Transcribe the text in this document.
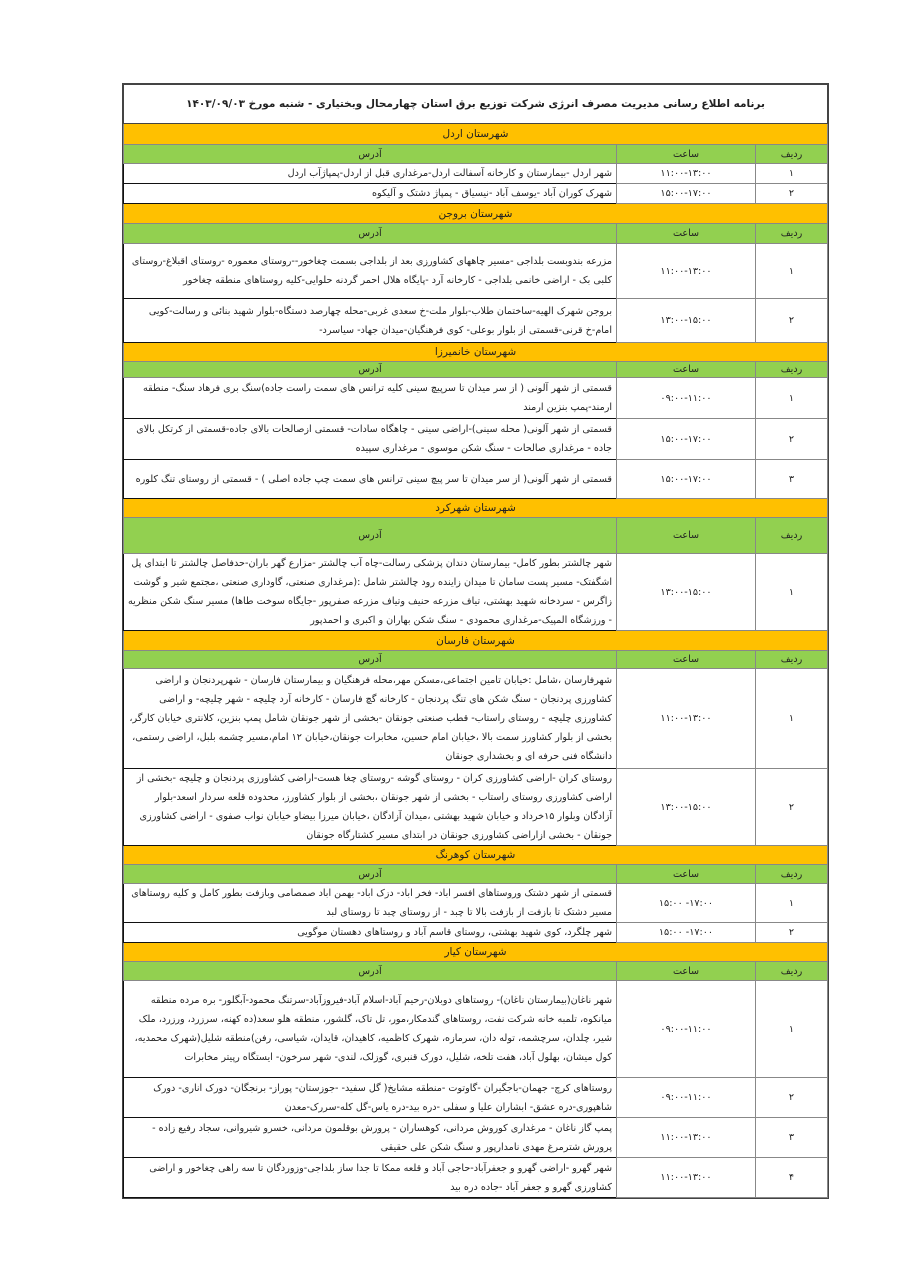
برنامه اطلاع رسانی مدیریت مصرف انرژی شرکت توزیع برق استان چهارمحال وبختیاری - شنبه مورخ ۱۴۰۳/۰۹/۰۳		
شهرستان اردل		
ردیف	ساعت	آدرس
۱	۱۱:۰۰-۱۳:۰۰	شهر اردل -بیمارستان و کارخانه آسفالت اردل-مرغداری قبل از اردل-پمپاژآب اردل
۲	۱۵:۰۰-۱۷:۰۰	شهرک کوران آباد -یوسف آباد -نیسیاق - پمپاژ دشتک و آلیکوه
شهرستان بروجن		
ردیف	ساعت	آدرس
۱	۱۱:۰۰-۱۳:۰۰	مزرعه بندوبست بلداجی -مسیر چاههای کشاورزی بعد از بلداجی بسمت چغاخور--روستای معموره -روستای اقبلاغ-روستای کلبی بک - اراضی خانمی بلداجی - کارخانه آرد -پایگاه هلال احمر گردنه حلوایی-کلیه روستاهای منطقه چغاخور
۲	۱۳:۰۰-۱۵:۰۰	بروجن شهرک الهیه-ساختمان طلاب-بلوار ملت-خ سعدی غربی-محله چهارصد دستگاه-بلوار شهید بنائی و رسالت-کویی امام-خ قرنی-قسمتی از بلوار بوعلی- کوی فرهنگیان-میدان جهاد- سیاسرد-
شهرستان خانمیرزا		
ردیف	ساعت	آدرس
۱	۰۹:۰۰-۱۱:۰۰	قسمتی از شهر آلونی ( از سر میدان تا سرپیچ سینی کلیه ترانس های سمت راست جاده)سنگ بری فرهاد سنگ- منطقه ارمند-پمپ بنزین ارمند
۲	۱۵:۰۰-۱۷:۰۰	قسمتی از شهر آلونی( محله سینی)-اراضی سینی - چاهگاه سادات- قسمتی ازصالحات بالای جاده-قسمتی از کرتکل بالای جاده - مرغداری صالحات - سنگ شکن موسوی - مرغداری سپیده
۳	۱۵:۰۰-۱۷:۰۰	قسمتی از شهر آلونی( از سر میدان تا سر پیچ سینی ترانس های سمت چپ جاده اصلی ) - قسمتی از روستای تنگ کلوره
شهرستان شهرکرد		
ردیف	ساعت	آدرس
۱	۱۳:۰۰-۱۵:۰۰	شهر چالشتر بطور کامل- بیمارستان دندان پزشکی رسالت-چاه آب چالشتر -مزارع گهر باران-حدفاصل چالشتر تا ابتدای پل اشگفتک- مسیر پست سامان تا میدان زاینده رود چالشتر شامل :(مرغداری صنعتی، گاوداری صنعتی ،مجتمع شیر و گوشت زاگرس - سردخانه شهید بهشتی، تیاف مزرعه حنیف وتیاف مزرعه صفرپور -جایگاه سوخت طاها) مسیر سنگ شکن منظریه - ورزشگاه المپیک-مرغداری محمودی - سنگ شکن بهاران و اکبری و احمدپور
شهرستان فارسان		
ردیف	ساعت	آدرس
۱	۱۱:۰۰-۱۳:۰۰	شهرفارسان ،شامل :خیابان تامین اجتماعی،مسکن مهر،محله فرهنگیان و بیمارستان فارسان - شهرپردنجان و اراضی کشاورزی پردنجان - سنگ شکن های تنگ پردنجان - کارخانه گچ فارسان - کارخانه آرد چلیچه - شهر چلیچه- و اراضی کشاورزی چلیچه - روستای راستاب- قطب صنعتی جونقان -بخشی از شهر جونقان شامل پمپ بنزین، کلانتری خیابان کارگر، بخشی از بلوار کشاورز سمت بالا ،خیابان امام حسین، مخابرات جونقان،خیابان ۱۲ امام،مسیر چشمه بلبل، اراضی رستمی، دانشگاه فنی حرفه ای و بخشداری جونقان
۲	۱۳:۰۰-۱۵:۰۰	روستای کران -اراضی کشاورزی کران - روستای گوشه -روستای چغا هست-اراضی کشاورزی پردنجان و چلیچه -بخشی از اراضی کشاورزی روستای راستاب - بخشی از شهر جونقان ،بخشی از بلوار کشاورز، محدوده قلعه سردار اسعد-بلوار آزادگان وبلوار ۱۵خرداد و خیابان شهید بهشتی ،میدان آزادگان ،خیابان میرزا بیضاو خیابان نواب صفوی - اراضی کشاورزی جونقان - بخشی ازاراضی کشاورزی جونقان در ابتدای مسیر کشتارگاه جونقان
شهرستان کوهرنگ		
ردیف	ساعت	آدرس
۱	۱۵:۰۰ -۱۷:۰۰	قسمتی از شهر دشتک وروستاهای افسر اباد- فخر اباد- دزک اباد- بهمن اباد صمصامی وبازفت بطور کامل و کلیه روستاهای مسیر دشتک تا بازفت از بازفت بالا تا چبد - از روستای چبد تا روستای لبد
۲	۱۵:۰۰ -۱۷:۰۰	شهر چلگرد، کوی شهید بهشتی، روستای قاسم آباد و روستاهای دهستان موگویی
شهرستان کیار		
ردیف	ساعت	آدرس
۱	۰۹:۰۰-۱۱:۰۰	شهر ناغان(بیمارستان ناغان)- روستاهای دوبلان-رحیم آباد-اسلام آباد-فیروزآباد-سرتنگ محمود-آبگلور- بره مرده منطقه میانکوه، تلمبه خانه شرکت نفت، روستاهای گندمکار،مور، تل تاک، گلشور، منطقه هلو سعد(ده کهنه، سرزرد، ورزرد، ملک شیر، چلدان، سرچشمه، توله دان، سرمازه، شهرک کاظمیه، کاهیدان، قایدان، شیاسی، رفن)منطقه شلیل(شهرک محمدیه، کول میشان، بهلول آباد، هفت تلخه، شلیل، دورک قنبری، گوزلک، لندی- شهر سرخون- ایستگاه رپیتر مخابرات
۲	۰۹:۰۰-۱۱:۰۰	روستاهای کرچ- جهمان-باجگیران -گاوتوت -منطقه مشایخ( گل سفید- -جوزستان- پوراز- برنجگان- دورک اناری- دورک شاهپوری-دره عشق- ابشاران علیا و سفلی -دره بید-دره یاس-گل کله-سررک-معدن
۳	۱۱:۰۰-۱۳:۰۰	پمپ گاز ناغان - مرغداری کوروش مردانی، کوهساران - پرورش بوقلمون مردانی، خسرو شیروانی، سجاد رفیع زاده - پرورش شترمرغ مهدی نامدارپور و سنگ شکن علی حقیقی
۴	۱۱:۰۰-۱۳:۰۰	شهر گهرو -اراضی گهرو و جعفرآباد-حاجی آباد و قلعه ممکا تا جدا ساز بلداجی-وزوردگان تا سه راهی چغاخور و اراضی کشاورزی گهرو و جعفر آباد -جاده دره بید
